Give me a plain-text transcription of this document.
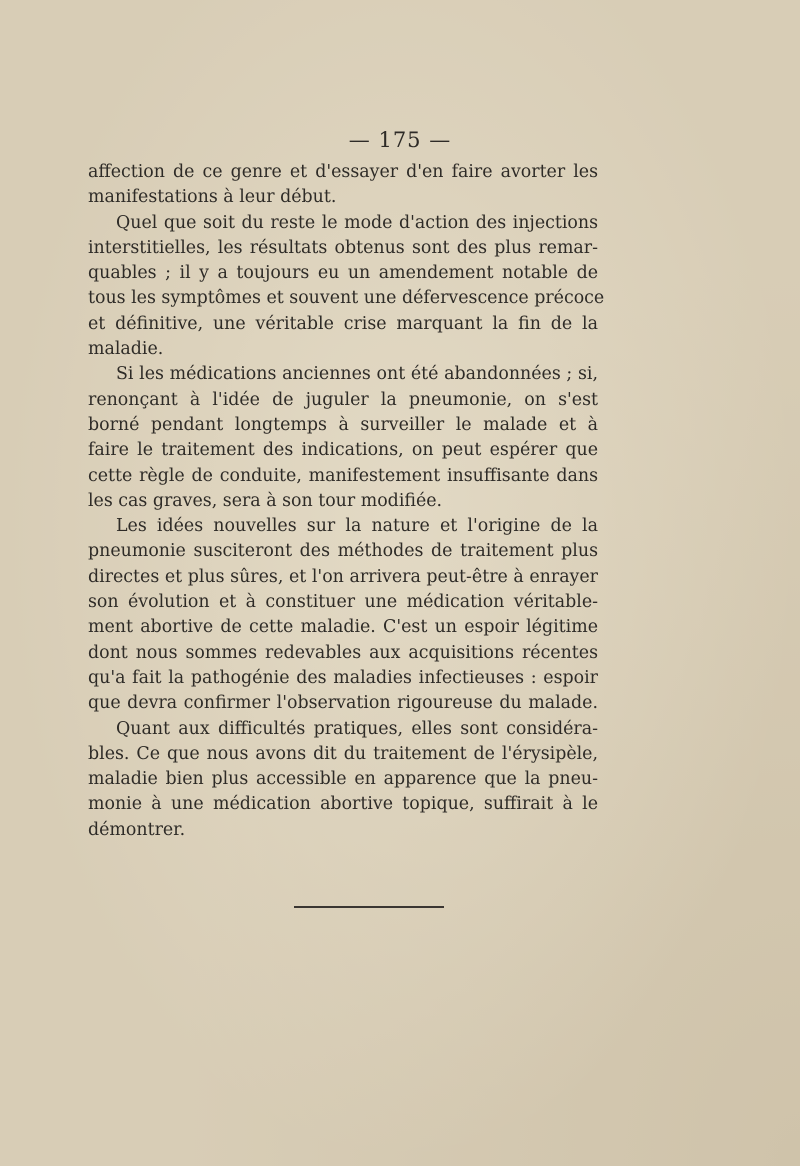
— 175 —
affection de ce genre et d'essayer d'en faire avorter les
manifestations à leur début.
Quel que soit du reste le mode d'action des injections
interstitielles, les résultats obtenus sont des plus remar-
quables ; il y a toujours eu un amendement notable de
tous les symptômes et souvent une défervescence précoce
et définitive, une véritable crise marquant la fin de la
maladie.
Si les médications anciennes ont été abandonnées ; si,
renonçant à l'idée de juguler la pneumonie, on s'est
borné pendant longtemps à surveiller le malade et à
faire le traitement des indications, on peut espérer que
cette règle de conduite, manifestement insuffisante dans
les cas graves, sera à son tour modifiée.
Les idées nouvelles sur la nature et l'origine de la
pneumonie susciteront des méthodes de traitement plus
directes et plus sûres, et l'on arrivera peut-être à enrayer
son évolution et à constituer une médication véritable-
ment abortive de cette maladie. C'est un espoir légitime
dont nous sommes redevables aux acquisitions récentes
qu'a fait la pathogénie des maladies infectieuses : espoir
que devra confirmer l'observation rigoureuse du malade.
Quant aux difficultés pratiques, elles sont considéra-
bles. Ce que nous avons dit du traitement de l'érysipèle,
maladie bien plus accessible en apparence que la pneu-
monie à une médication abortive topique, suffirait à le
démontrer.
